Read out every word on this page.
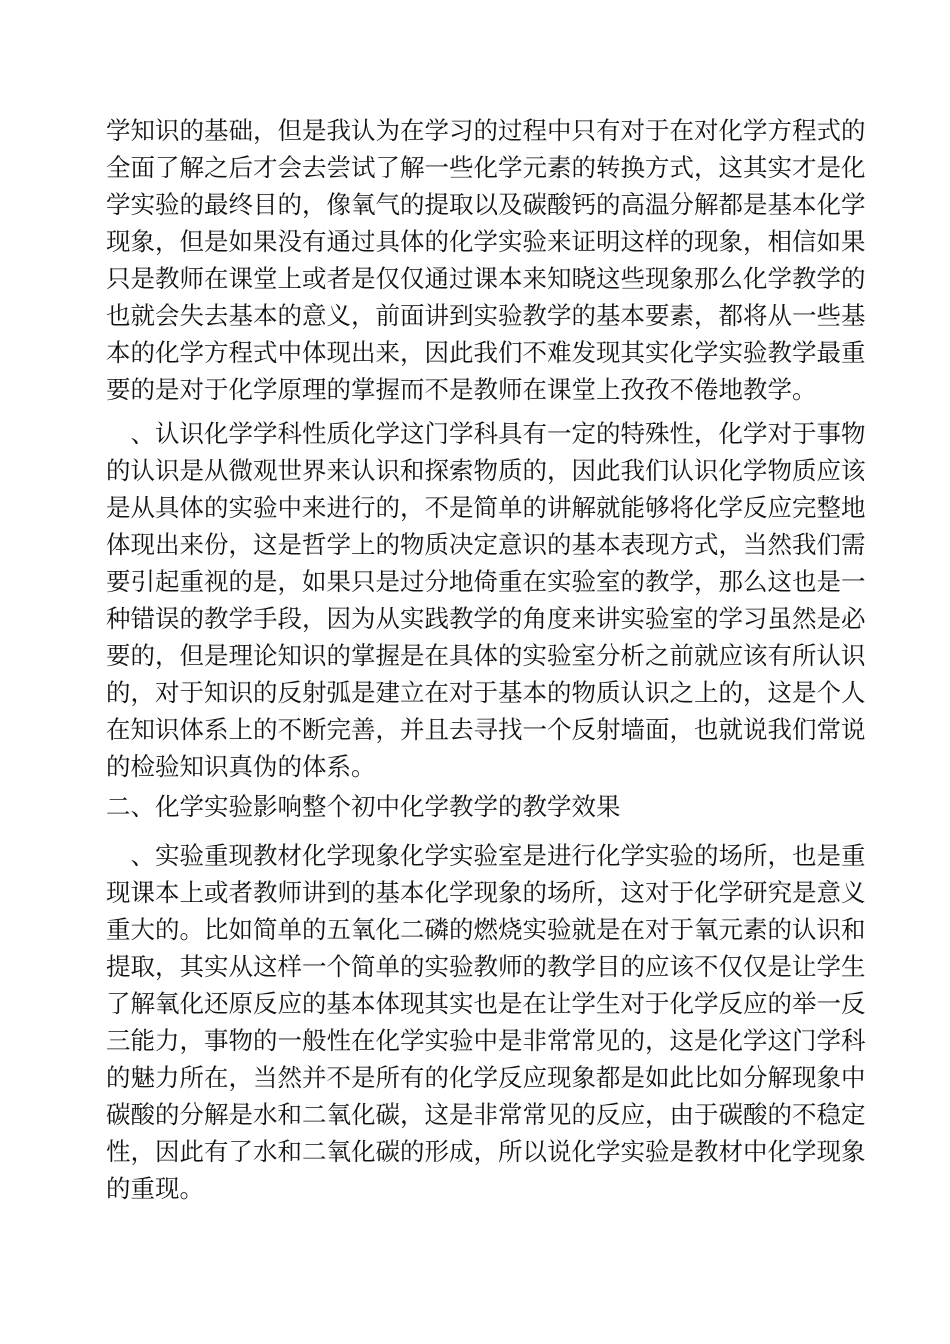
学知识的基础，但是我认为在学习的过程中只有对于在对化学方程式的
全面了解之后才会去尝试了解一些化学元素的转换方式，这其实才是化
学实验的最终目的，像氧气的提取以及碳酸钙的高温分解都是基本化学
现象，但是如果没有通过具体的化学实验来证明这样的现象，相信如果
只是教师在课堂上或者是仅仅通过课本来知晓这些现象那么化学教学的
也就会失去基本的意义，前面讲到实验教学的基本要素，都将从一些基
本的化学方程式中体现出来，因此我们不难发现其实化学实验教学最重
要的是对于化学原理的掌握而不是教师在课堂上孜孜不倦地教学。
　、认识化学学科性质化学这门学科具有一定的特殊性，化学对于事物
的认识是从微观世界来认识和探索物质的，因此我们认识化学物质应该
是从具体的实验中来进行的，不是简单的讲解就能够将化学反应完整地
体现出来份，这是哲学上的物质决定意识的基本表现方式，当然我们需
要引起重视的是，如果只是过分地倚重在实验室的教学，那么这也是一
种错误的教学手段，因为从实践教学的角度来讲实验室的学习虽然是必
要的，但是理论知识的掌握是在具体的实验室分析之前就应该有所认识
的，对于知识的反射弧是建立在对于基本的物质认识之上的，这是个人
在知识体系上的不断完善，并且去寻找一个反射墙面，也就说我们常说
的检验知识真伪的体系。
二、化学实验影响整个初中化学教学的教学效果
　、实验重现教材化学现象化学实验室是进行化学实验的场所，也是重
现课本上或者教师讲到的基本化学现象的场所，这对于化学研究是意义
重大的。比如简单的五氧化二磷的燃烧实验就是在对于氧元素的认识和
提取，其实从这样一个简单的实验教师的教学目的应该不仅仅是让学生
了解氧化还原反应的基本体现其实也是在让学生对于化学反应的举一反
三能力，事物的一般性在化学实验中是非常常见的，这是化学这门学科
的魅力所在，当然并不是所有的化学反应现象都是如此比如分解现象中
碳酸的分解是水和二氧化碳，这是非常常见的反应，由于碳酸的不稳定
性，因此有了水和二氧化碳的形成，所以说化学实验是教材中化学现象
的重现。
